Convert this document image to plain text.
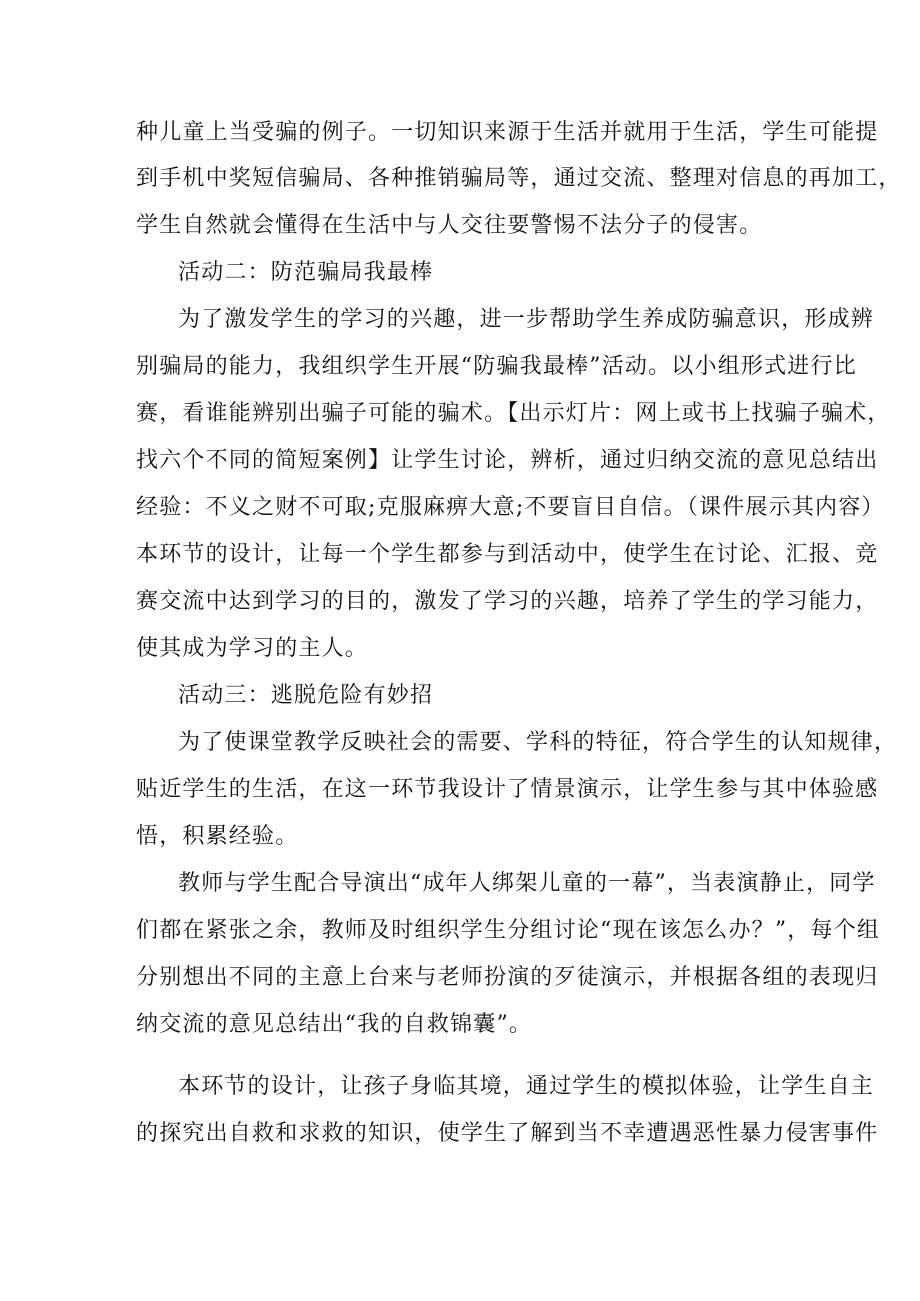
种儿童上当受骗的例子。一切知识来源于生活并就用于生活，学生可能提
到手机中奖短信骗局、各种推销骗局等，通过交流、整理对信息的再加工，
学生自然就会懂得在生活中与人交往要警惕不法分子的侵害。
活动二：防范骗局我最棒
为了激发学生的学习的兴趣，进一步帮助学生养成防骗意识，形成辨
别骗局的能力，我组织学生开展“防骗我最棒”活动。以小组形式进行比
赛，看谁能辨别出骗子可能的骗术。【出示灯片：网上或书上找骗子骗术，
找六个不同的简短案例】让学生讨论，辨析，通过归纳交流的意见总结出
经验：不义之财不可取;克服麻痹大意;不要盲目自信。（课件展示其内容）
本环节的设计，让每一个学生都参与到活动中，使学生在讨论、汇报、竞
赛交流中达到学习的目的，激发了学习的兴趣，培养了学生的学习能力，
使其成为学习的主人。
活动三：逃脱危险有妙招
为了使课堂教学反映社会的需要、学科的特征，符合学生的认知规律，
贴近学生的生活，在这一环节我设计了情景演示，让学生参与其中体验感
悟，积累经验。
教师与学生配合导演出“成年人绑架儿童的一幕”，当表演静止，同学
们都在紧张之余，教师及时组织学生分组讨论“现在该怎么办？”，每个组
分别想出不同的主意上台来与老师扮演的歹徒演示，并根据各组的表现归
纳交流的意见总结出“我的自救锦囊”。
本环节的设计，让孩子身临其境，通过学生的模拟体验，让学生自主
的探究出自救和求救的知识，使学生了解到当不幸遭遇恶性暴力侵害事件
